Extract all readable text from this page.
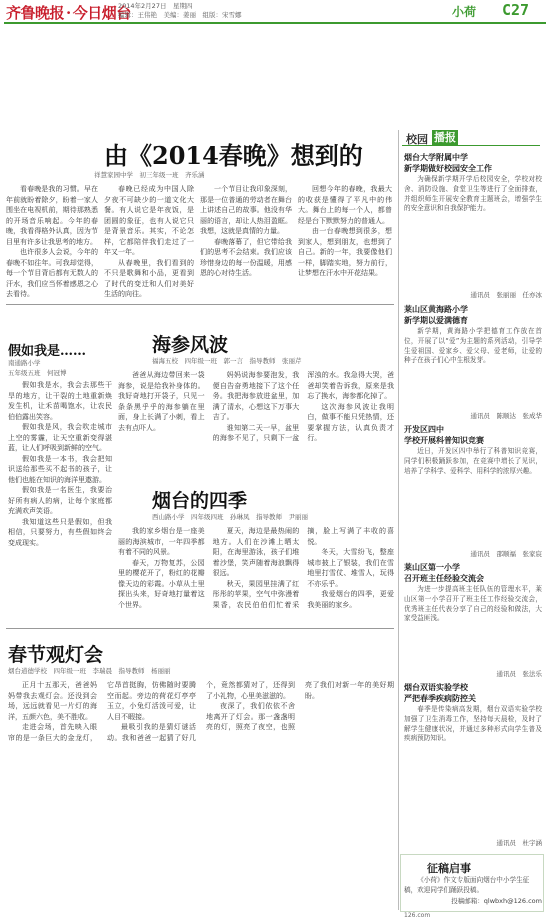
齐鲁晚报 · 今日烟台
2014年2月27日　星期四
编辑：王伟艳　美编：姜丽　组版：宋雪娜	小荷 C27
由《2014春晚》想到的
祥慧家园中学　初三年级一班　齐乐涵

看春晚是我的习惯。早在年前就盼着除夕，盼着一家人围坐在电视机前，期待那熟悉的开场音乐响起。今年的春晚，我看得格外认真，因为节目里有许多让我思考的地方。

也许很多人会说，今年的春晚不如往年。可我却觉得，每一个节目背后都有无数人的汗水，我们应当怀着感恩之心去看待。

春晚已经成为中国人除夕夜不可缺少的一道文化大餐。有人说它是年夜饭，是团圆的象征，也有人说它只是背景音乐。其实，不论怎样，它都陪伴我们走过了一年又一年。

从春晚里，我们看到的不只是歌舞和小品，更看到了时代的变迁和人们对美好生活的向往。

一个节目让我印象深刻，那是一位普通的劳动者在舞台上讲述自己的故事。他没有华丽的语言，却让人热泪盈眶。我想，这就是真情的力量。

春晚落幕了，但它带给我们的思考不会结束。我们应该珍惜身边的每一份温暖，用感恩的心对待生活。

回想今年的春晚，我最大的收获是懂得了平凡中的伟大。舞台上的每一个人，都曾经是台下默默努力的普通人。

由一台春晚想到很多，想到家人，想到朋友，也想到了自己。新的一年，我要像他们一样，脚踏实地，努力前行，让梦想在汗水中开花结果。

假如我是……
南通路小学
五年级五班　何冠博

假如我是水，我会去那些干旱的地方，让干裂的土地重新焕发生机，让禾苗喝饱水，让农民伯伯露出笑容。

假如我是风，我会吹走城市上空的雾霾，让天空重新变得湛蓝，让人们呼吸到新鲜的空气。

假如我是一本书，我会把知识送给那些买不起书的孩子，让他们也能在知识的海洋里遨游。

假如我是一名医生，我要治好所有病人的病，让每个家庭都充满欢声笑语。

我知道这些只是假如，但我相信，只要努力，有些假如终会变成现实。

海参风波
福海五校　四年级一班　郭一言　指导教师　张丽芹

爸爸从海边带回来一袋海参，说是给我补身体的。我好奇地打开袋子，只见一条条黑乎乎的海参躺在里面，身上长满了小刺，看上去有点吓人。

妈妈说海参要泡发，我便自告奋勇地接下了这个任务。我把海参放进盆里，加满了清水，心想这下万事大吉了。

谁知第二天一早，盆里的海参不见了，只剩下一盆浑浊的水。我急得大哭，爸爸却笑着告诉我，原来是我忘了换水，海参都化掉了。

这次海参风波让我明白，做事不能只凭热情，还要掌握方法，认真负责才行。

烟台的四季
西山路小学　四年级四班　孙琳凤　指导教师　尹丽丽

我的家乡烟台是一座美丽的海滨城市，一年四季都有着不同的风景。

春天，万物复苏，公园里的樱花开了，粉红的花瓣像天边的彩霞。小草从土里探出头来，好奇地打量着这个世界。

夏天，海边是最热闹的地方。人们在沙滩上晒太阳，在海里游泳，孩子们堆着沙堡，笑声随着海浪飘得很远。

秋天，果园里挂满了红彤彤的苹果，空气中弥漫着果香，农民伯伯们忙着采摘，脸上写满了丰收的喜悦。

冬天，大雪纷飞，整座城市披上了银装，我们在雪地里打雪仗、堆雪人，玩得不亦乐乎。

我爱烟台的四季，更爱我美丽的家乡。

春节观灯会
烟台道德学校　四年级一班　李瑞晨　指导教师　杨丽丽

正月十五那天，爸爸妈妈带我去观灯会。还没到会场，远远就看见一片灯的海洋，五颜六色，美不胜收。

走进会场，首先映入眼帘的是一条巨大的金龙灯，它昂首挺胸，仿佛随时要腾空而起。旁边的荷花灯亭亭玉立，小兔灯活泼可爱，让人目不暇接。

最吸引我的是猜灯谜活动。我和爸爸一起猜了好几个，竟然都猜对了，还得到了小礼物，心里美滋滋的。

夜深了，我们依依不舍地离开了灯会。那一盏盏明亮的灯，照亮了夜空，也照亮了我们对新一年的美好期盼。

校园 播报
烟台大学附属中学
新学期做好校园安全工作
为确保新学期开学后校园安全，学校对校舍、消防设施、食堂卫生等进行了全面排查，并组织师生开展安全教育主题班会，增强学生的安全意识和自我保护能力。
通讯员　张丽丽　任亦冰
莱山区黄海路小学
新学期以爱满德育
新学期，黄海路小学把德育工作放在首位，开展了以“爱”为主题的系列活动，引导学生爱祖国、爱家乡、爱父母、爱老师，让爱的种子在孩子们心中生根发芽。
通讯员　陈顺达　张成华
开发区四中
学校开展科普知识竞赛
近日，开发区四中举行了科普知识竞赛，同学们积极踊跃参加，在竞赛中增长了见识，培养了学科学、爱科学、用科学的浓厚兴趣。
通讯员　邵顺福　张家宸
莱山区第一小学
召开班主任经验交流会
为进一步提高班主任队伍的管理水平，莱山区第一小学召开了班主任工作经验交流会，优秀班主任代表分享了自己的经验和做法，大家受益匪浅。
通讯员　张法乐
烟台双语实验学校
严把春季疾病防控关
春季是传染病高发期，烟台双语实验学校加强了卫生消毒工作，坚持每天晨检，及时了解学生健康状况，并通过多种形式向学生普及疾病预防知识。
通讯员　杜宇涵
征稿启事
《小荷》作文专版面向烟台中小学生征稿，欢迎同学们踊跃投稿。
投稿邮箱：qlwbxh@126.com
126.com
